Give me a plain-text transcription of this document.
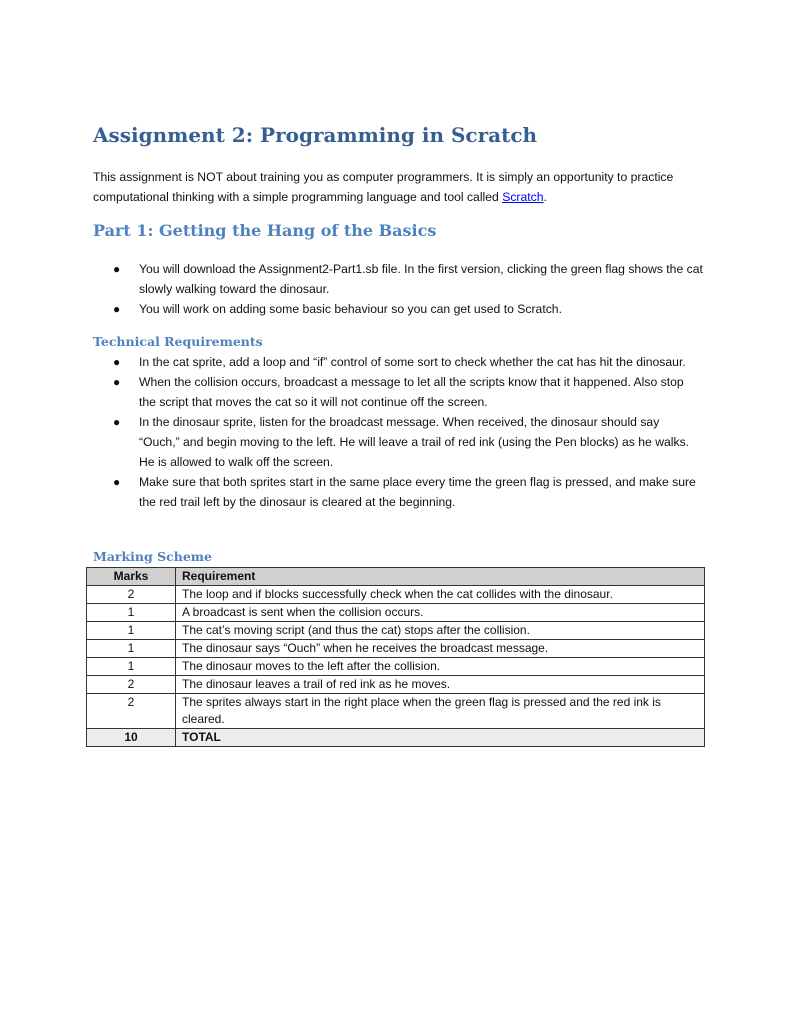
Assignment 2: Programming in Scratch

This assignment is NOT about training you as computer programmers. It is simply an opportunity to practice computational thinking with a simple programming language and tool called Scratch.

Part 1: Getting the Hang of the Basics
● You will download the Assignment2-Part1.sb file. In the first version, clicking the green flag shows the cat slowly walking toward the dinosaur.
● You will work on adding some basic behaviour so you can get used to Scratch.
Technical Requirements
● In the cat sprite, add a loop and “if” control of some sort to check whether the cat has hit the dinosaur.
● When the collision occurs, broadcast a message to let all the scripts know that it happened. Also stop the script that moves the cat so it will not continue off the screen.
● In the dinosaur sprite, listen for the broadcast message. When received, the dinosaur should say “Ouch,” and begin moving to the left. He will leave a trail of red ink (using the Pen blocks) as he walks. He is allowed to walk off the screen.
● Make sure that both sprites start in the same place every time the green flag is pressed, and make sure the red trail left by the dinosaur is cleared at the beginning.
Marking Scheme
Marks	Requirement
2	The loop and if blocks successfully check when the cat collides with the dinosaur.
1	A broadcast is sent when the collision occurs.
1	The cat’s moving script (and thus the cat) stops after the collision.
1	The dinosaur says “Ouch” when he receives the broadcast message.
1	The dinosaur moves to the left after the collision.
2	The dinosaur leaves a trail of red ink as he moves.
2	The sprites always start in the right place when the green flag is pressed and the red ink is cleared.
10	TOTAL
